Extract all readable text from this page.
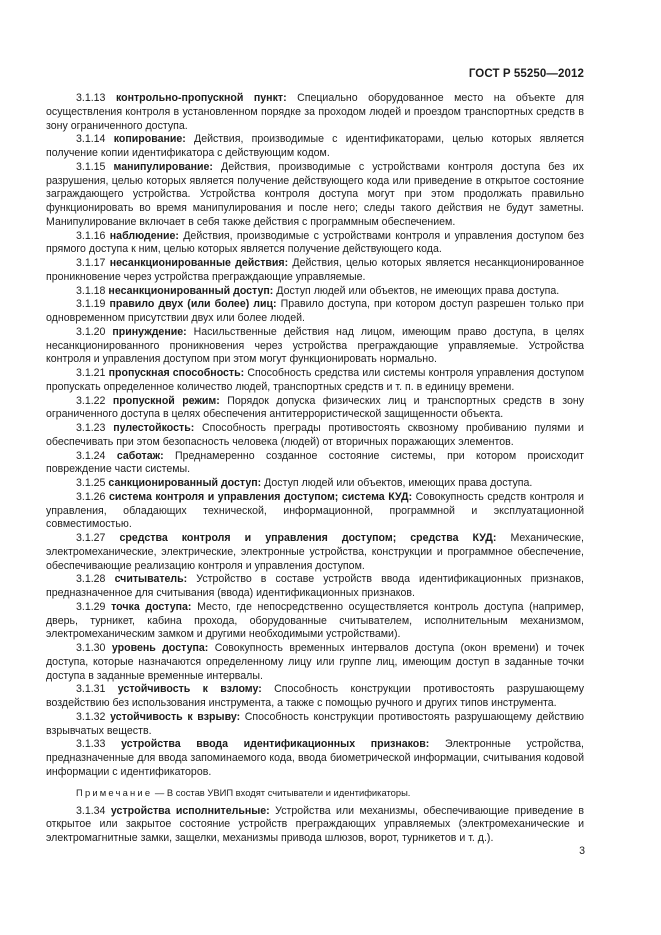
ГОСТ Р 55250—2012

3.1.13 контрольно-пропускной пункт: Специально оборудованное место на объекте для осуществления контроля в установленном порядке за проходом людей и проездом транспортных средств в зону ограниченного доступа.

3.1.14 копирование: Действия, производимые с идентификаторами, целью которых является получение копии идентификатора с действующим кодом.

3.1.15 манипулирование: Действия, производимые с устройствами контроля доступа без их разрушения, целью которых является получение действующего кода или приведение в открытое состояние заграждающего устройства. Устройства контроля доступа могут при этом продолжать правильно функционировать во время манипулирования и после него; следы такого действия не будут заметны. Манипулирование включает в себя также действия с программным обеспечением.

3.1.16 наблюдение: Действия, производимые с устройствами контроля и управления доступом без прямого доступа к ним, целью которых является получение действующего кода.

3.1.17 несанкционированные действия: Действия, целью которых является несанкционированное проникновение через устройства преграждающие управляемые.

3.1.18 несанкционированный доступ: Доступ людей или объектов, не имеющих права доступа.

3.1.19 правило двух (или более) лиц: Правило доступа, при котором доступ разрешен только при одновременном присутствии двух или более людей.

3.1.20 принуждение: Насильственные действия над лицом, имеющим право доступа, в целях несанкционированного проникновения через устройства преграждающие управляемые. Устройства контроля и управления доступом при этом могут функционировать нормально.

3.1.21 пропускная способность: Способность средства или системы контроля управления доступом пропускать определенное количество людей, транспортных средств и т. п. в единицу времени.

3.1.22 пропускной режим: Порядок допуска физических лиц и транспортных средств в зону ограниченного доступа в целях обеспечения антитеррористической защищенности объекта.

3.1.23 пулестойкость: Способность преграды противостоять сквозному пробиванию пулями и обеспечивать при этом безопасность человека (людей) от вторичных поражающих элементов.

3.1.24 саботаж: Преднамеренно созданное состояние системы, при котором происходит повреждение части системы.

3.1.25 санкционированный доступ: Доступ людей или объектов, имеющих права доступа.

3.1.26 система контроля и управления доступом; система КУД: Совокупность средств контроля и управления, обладающих технической, информационной, программной и эксплуатационной совместимостью.

3.1.27 средства контроля и управления доступом; средства КУД: Механические, электромеханические, электрические, электронные устройства, конструкции и программное обеспечение, обеспечивающие реализацию контроля и управления доступом.

3.1.28 считыватель: Устройство в составе устройств ввода идентификационных признаков, предназначенное для считывания (ввода) идентификационных признаков.

3.1.29 точка доступа: Место, где непосредственно осуществляется контроль доступа (например, дверь, турникет, кабина прохода, оборудованные считывателем, исполнительным механизмом, электромеханическим замком и другими необходимыми устройствами).

3.1.30 уровень доступа: Совокупность временных интервалов доступа (окон времени) и точек доступа, которые назначаются определенному лицу или группе лиц, имеющим доступ в заданные точки доступа в заданные временные интервалы.

3.1.31 устойчивость к взлому: Способность конструкции противостоять разрушающему воздействию без использования инструмента, а также с помощью ручного и других типов инструмента.

3.1.32 устойчивость к взрыву: Способность конструкции противостоять разрушающему действию взрывчатых веществ.

3.1.33 устройства ввода идентификационных признаков: Электронные устройства, предназначенные для ввода запоминаемого кода, ввода биометрической информации, считывания кодовой информации с идентификаторов.

Примечание — В состав УВИП входят считыватели и идентификаторы.

3.1.34 устройства исполнительные: Устройства или механизмы, обеспечивающие приведение в открытое или закрытое состояние устройств преграждающих управляемых (электромеханические и электромагнитные замки, защелки, механизмы привода шлюзов, ворот, турникетов и т. д.).

3
